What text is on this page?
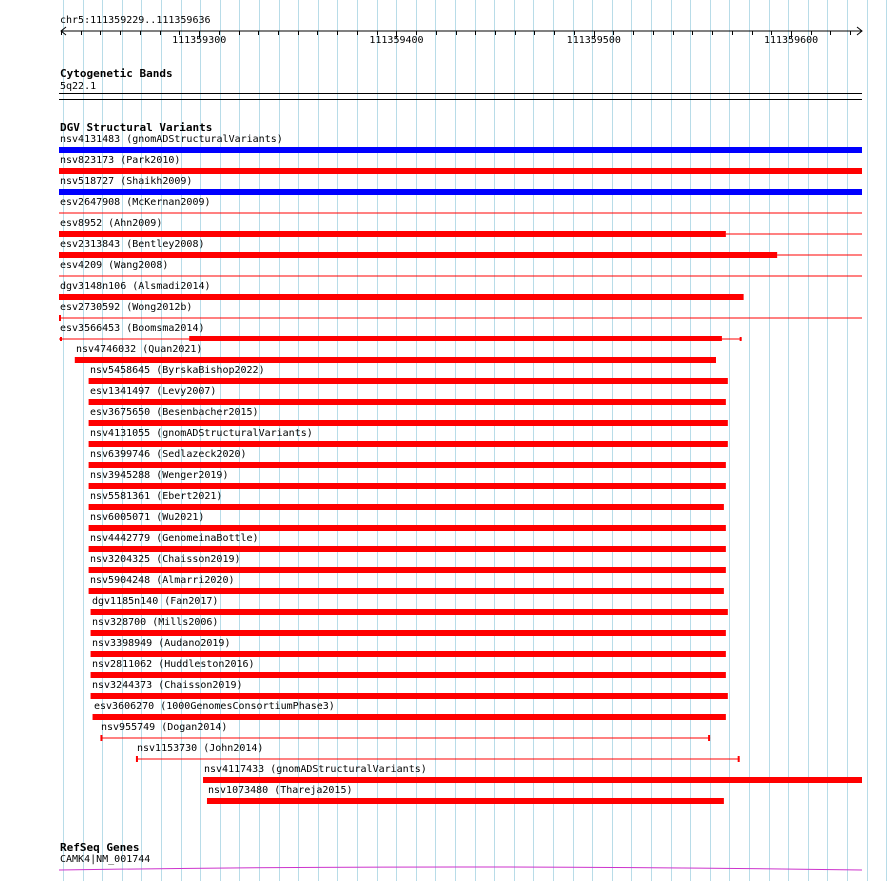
chr5:111359229..111359636
111359300	111359400	111359500	111359600
Cytogenetic Bands
5q22.1
DGV Structural Variants
nsv4131483 (gnomADStructuralVariants)
nsv823173 (Park2010)
nsv518727 (Shaikh2009)
esv2647908 (McKernan2009)
esv8952 (Ahn2009)
esv2313843 (Bentley2008)
esv4209 (Wang2008)
dgv3148n106 (Alsmadi2014)
esv2730592 (Wong2012b)
esv3566453 (Boomsma2014)
nsv4746032 (Quan2021)
nsv5458645 (ByrskaBishop2022)
esv1341497 (Levy2007)
esv3675650 (Besenbacher2015)
nsv4131055 (gnomADStructuralVariants)
nsv6399746 (Sedlazeck2020)
nsv3945288 (Wenger2019)
nsv5581361 (Ebert2021)
nsv6005071 (Wu2021)
nsv4442779 (GenomeinaBottle)
nsv3204325 (Chaisson2019)
nsv5904248 (Almarri2020)
dgv1185n140 (Fan2017)
nsv328700 (Mills2006)
nsv3398949 (Audano2019)
nsv2811062 (Huddleston2016)
nsv3244373 (Chaisson2019)
esv3606270 (1000GenomesConsortiumPhase3)
nsv955749 (Dogan2014)
nsv1153730 (John2014)
nsv4117433 (gnomADStructuralVariants)
nsv1073480 (Thareja2015)
RefSeq Genes
CAMK4|NM_001744
